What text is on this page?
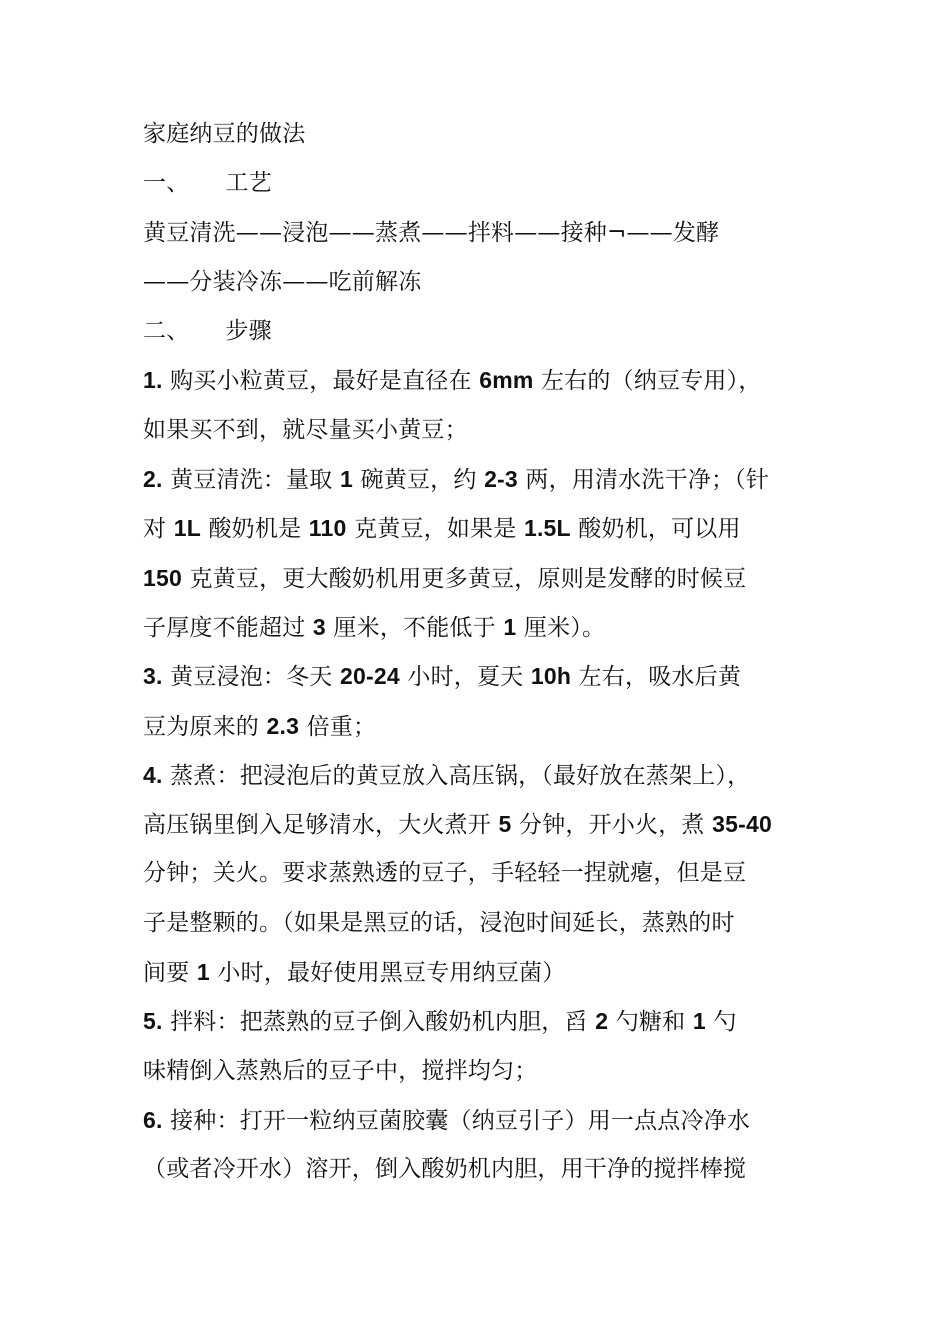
家庭纳豆的做法
一、 工艺
黄豆清洗——浸泡——蒸煮——拌料——接种¬——发酵
——分装冷冻——吃前解冻
二、 步骤
1. 购买小粒黄豆，最好是直径在 6mm 左右的（纳豆专用），
如果买不到，就尽量买小黄豆；
2. 黄豆清洗：量取 1 碗黄豆，约 2-3 两，用清水洗干净；（针
对 1L 酸奶机是 110 克黄豆，如果是 1.5L 酸奶机，可以用
150 克黄豆，更大酸奶机用更多黄豆，原则是发酵的时候豆
子厚度不能超过 3 厘米，不能低于 1 厘米）。
3. 黄豆浸泡：冬天 20-24 小时，夏天 10h 左右，吸水后黄
豆为原来的 2.3 倍重；
4. 蒸煮：把浸泡后的黄豆放入高压锅，（最好放在蒸架上），
高压锅里倒入足够清水，大火煮开 5 分钟，开小火，煮 35-40
分钟；关火。要求蒸熟透的豆子，手轻轻一捏就瘪，但是豆
子是整颗的。（如果是黑豆的话，浸泡时间延长，蒸熟的时
间要 1 小时，最好使用黑豆专用纳豆菌）
5. 拌料：把蒸熟的豆子倒入酸奶机内胆，舀 2 勺糖和 1 勺
味精倒入蒸熟后的豆子中，搅拌均匀；
6. 接种：打开一粒纳豆菌胶囊（纳豆引子）用一点点冷净水
（或者冷开水）溶开，倒入酸奶机内胆，用干净的搅拌棒搅
